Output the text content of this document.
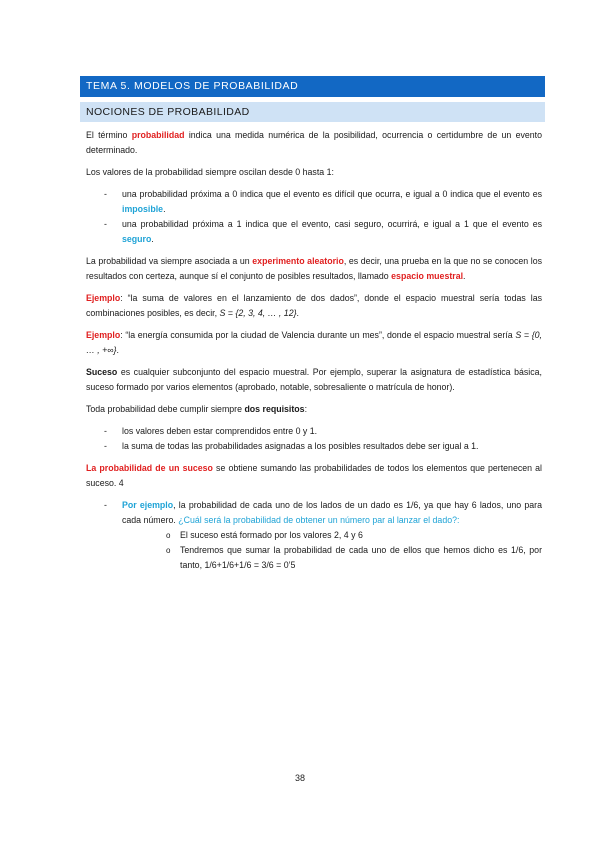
TEMA 5. MODELOS DE PROBABILIDAD
NOCIONES DE PROBABILIDAD

El término probabilidad indica una medida numérica de la posibilidad, ocurrencia o certidumbre de un evento determinado.

Los valores de la probabilidad siempre oscilan desde 0 hasta 1:

- una probabilidad próxima a 0 indica que el evento es difícil que ocurra, e igual a 0 indica que el evento es imposible.
- una probabilidad próxima a 1 indica que el evento, casi seguro, ocurrirá, e igual a 1 que el evento es seguro.

La probabilidad va siempre asociada a un experimento aleatorio, es decir, una prueba en la que no se conocen los resultados con certeza, aunque sí el conjunto de posibles resultados, llamado espacio muestral.

Ejemplo: “la suma de valores en el lanzamiento de dos dados”, donde el espacio muestral sería todas las combinaciones posibles, es decir, S = {2, 3, 4, … , 12}.

Ejemplo: “la energía consumida por la ciudad de Valencia durante un mes”, donde el espacio muestral sería S = {0, … , +∞}.

Suceso es cualquier subconjunto del espacio muestral. Por ejemplo, superar la asignatura de estadística básica, suceso formado por varios elementos (aprobado, notable, sobresaliente o matrícula de honor).

Toda probabilidad debe cumplir siempre dos requisitos:

- los valores deben estar comprendidos entre 0 y 1.
- la suma de todas las probabilidades asignadas a los posibles resultados debe ser igual a 1.

La probabilidad de un suceso se obtiene sumando las probabilidades de todos los elementos que pertenecen al suceso. 4

- Por ejemplo, la probabilidad de cada uno de los lados de un dado es 1/6, ya que hay 6 lados, uno para cada número. ¿Cuál será la probabilidad de obtener un número par al lanzar el dado?:
o El suceso está formado por los valores 2, 4 y 6
o Tendremos que sumar la probabilidad de cada uno de ellos que hemos dicho es 1/6, por tanto, 1/6+1/6+1/6 = 3/6 = 0’5
38
